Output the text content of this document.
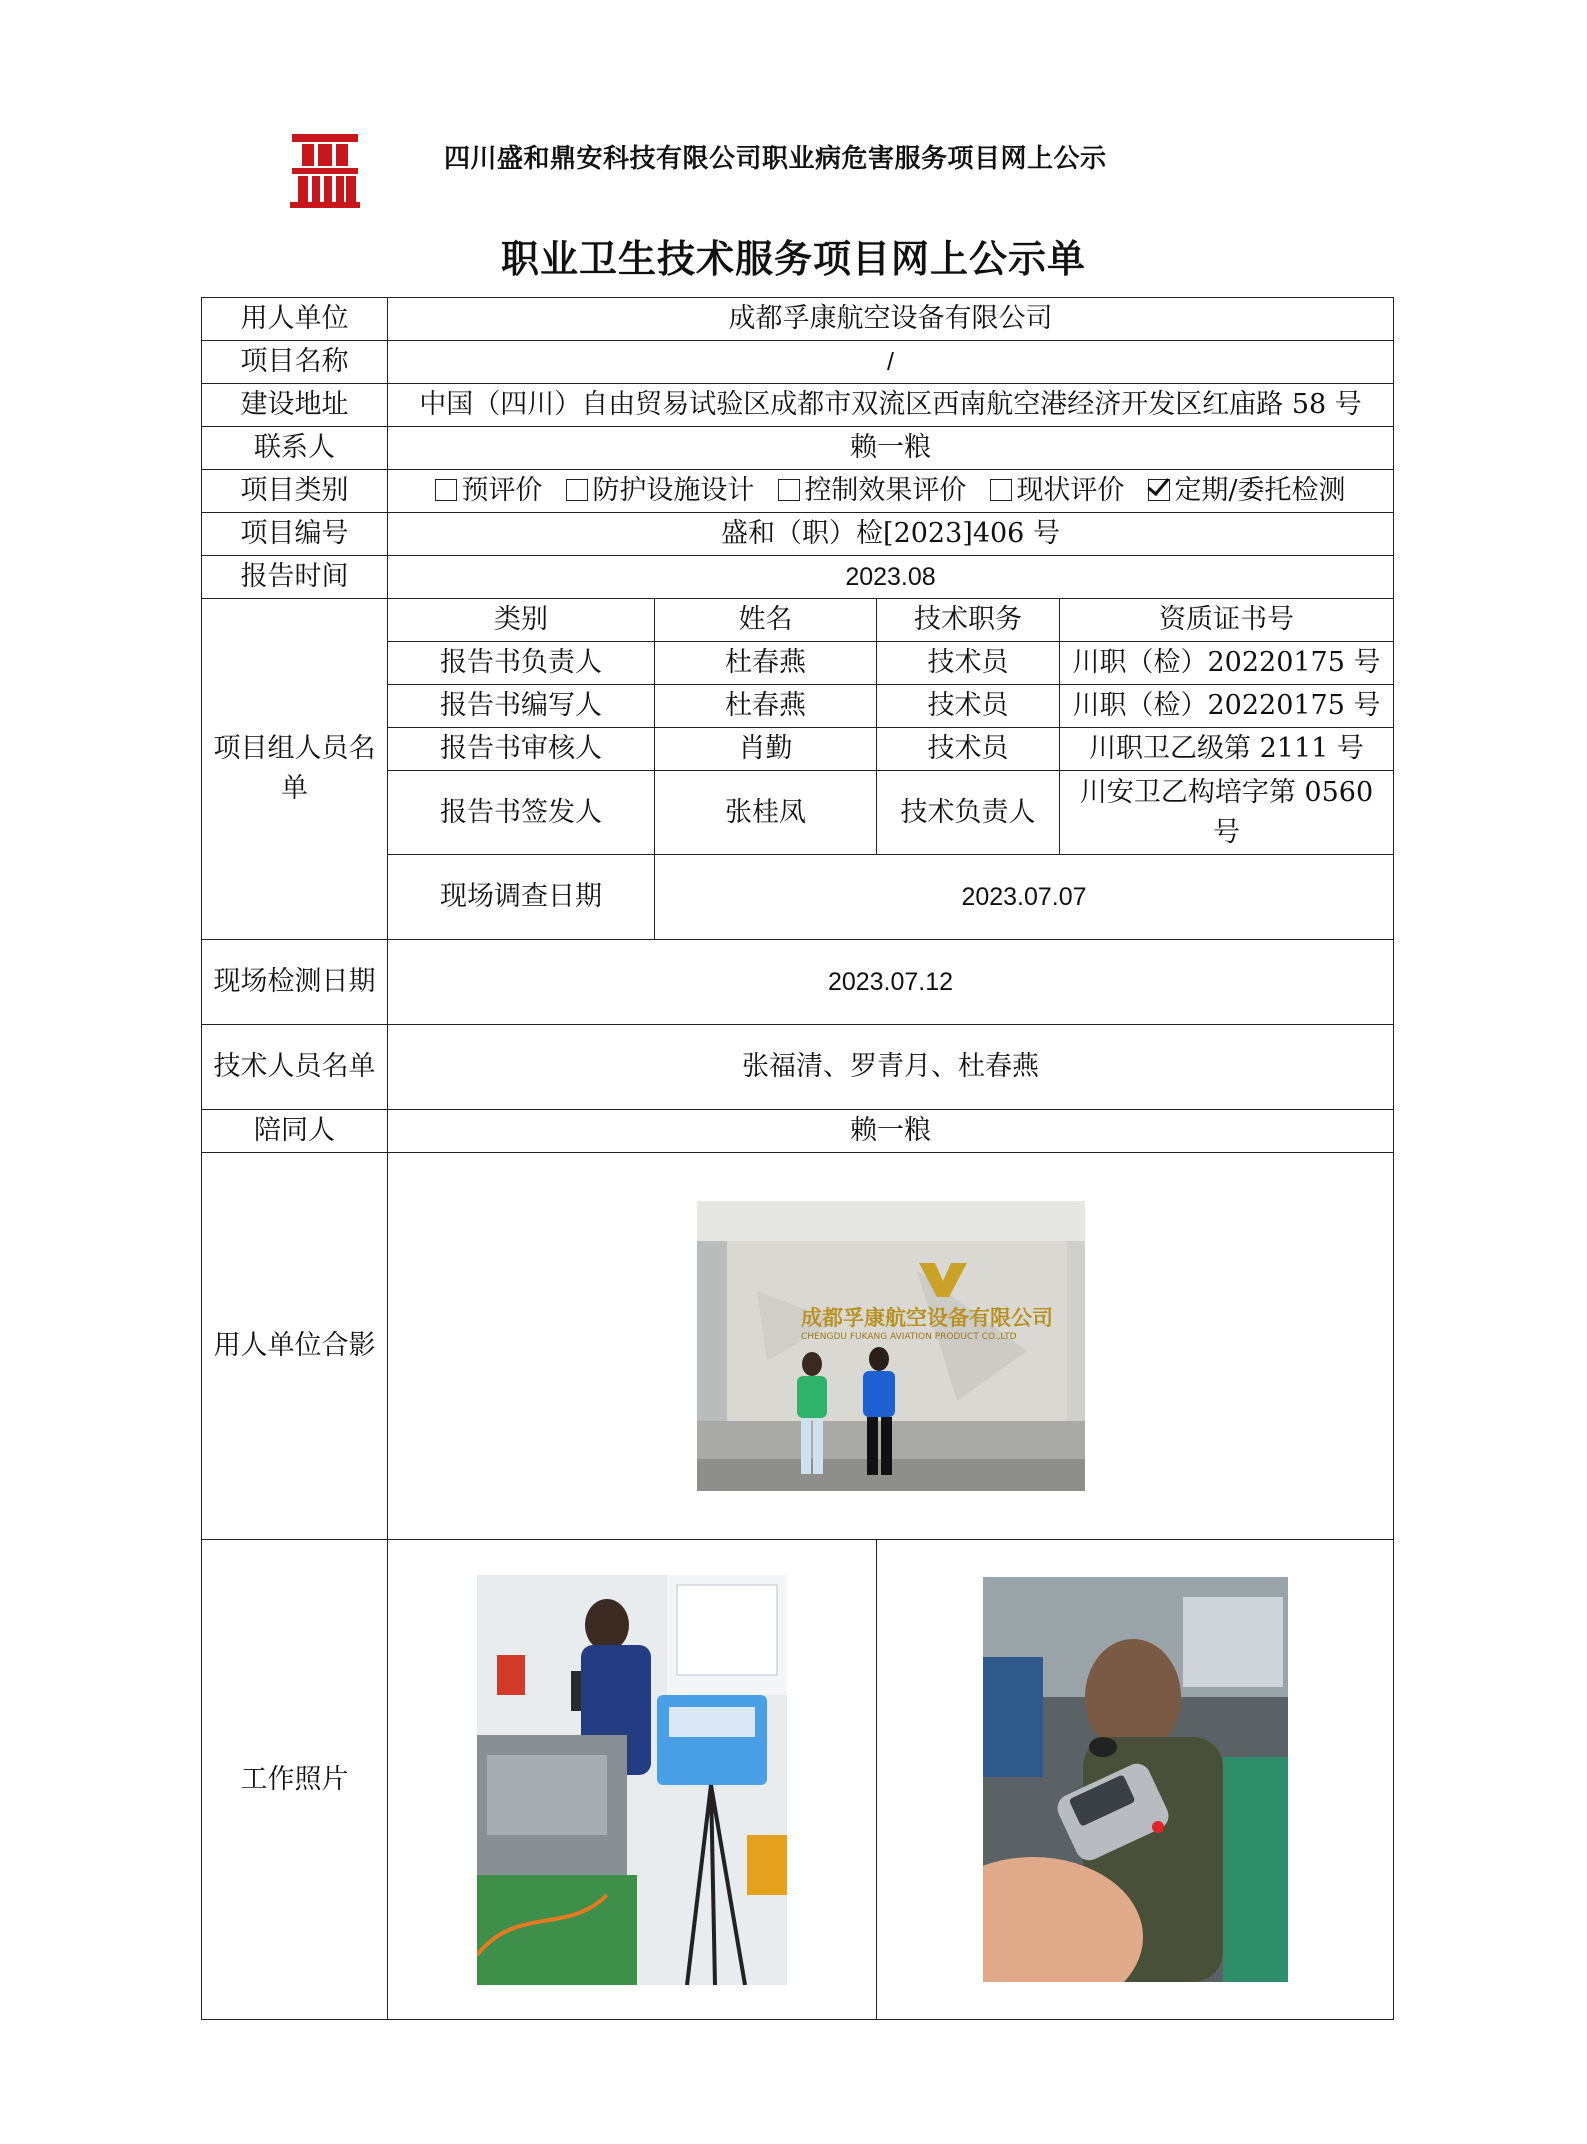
四川盛和鼎安科技有限公司职业病危害服务项目网上公示
职业卫生技术服务项目网上公示单
用人单位	成都孚康航空设备有限公司			
项目名称	/			
建设地址	中国（四川）自由贸易试验区成都市双流区西南航空港经济开发区红庙路 58 号			
联系人	赖一粮			
项目类别	预评价 防护设施设计 控制效果评价 现状评价 定期/委托检测			
项目编号	盛和（职）检[2023]406 号			
报告时间	2023.08			
项目组人员名单	类别	姓名	技术职务	资质证书号
	报告书负责人	杜春燕	技术员	川职（检）20220175 号
	报告书编写人	杜春燕	技术员	川职（检）20220175 号
	报告书审核人	肖勤	技术员	川职卫乙级第 2111 号
	报告书签发人	张桂凤	技术负责人	川安卫乙构培字第 0560 号
	现场调查日期	2023.07.07		
现场检测日期	2023.07.12			
技术人员名单	张福清、罗青月、杜春燕			
陪同人	赖一粮			
用人单位合影	成都孚康航空设备有限公司
CHENGDU FUKANG AVIATION PRODUCT CO.,LTD			

工作照片		
